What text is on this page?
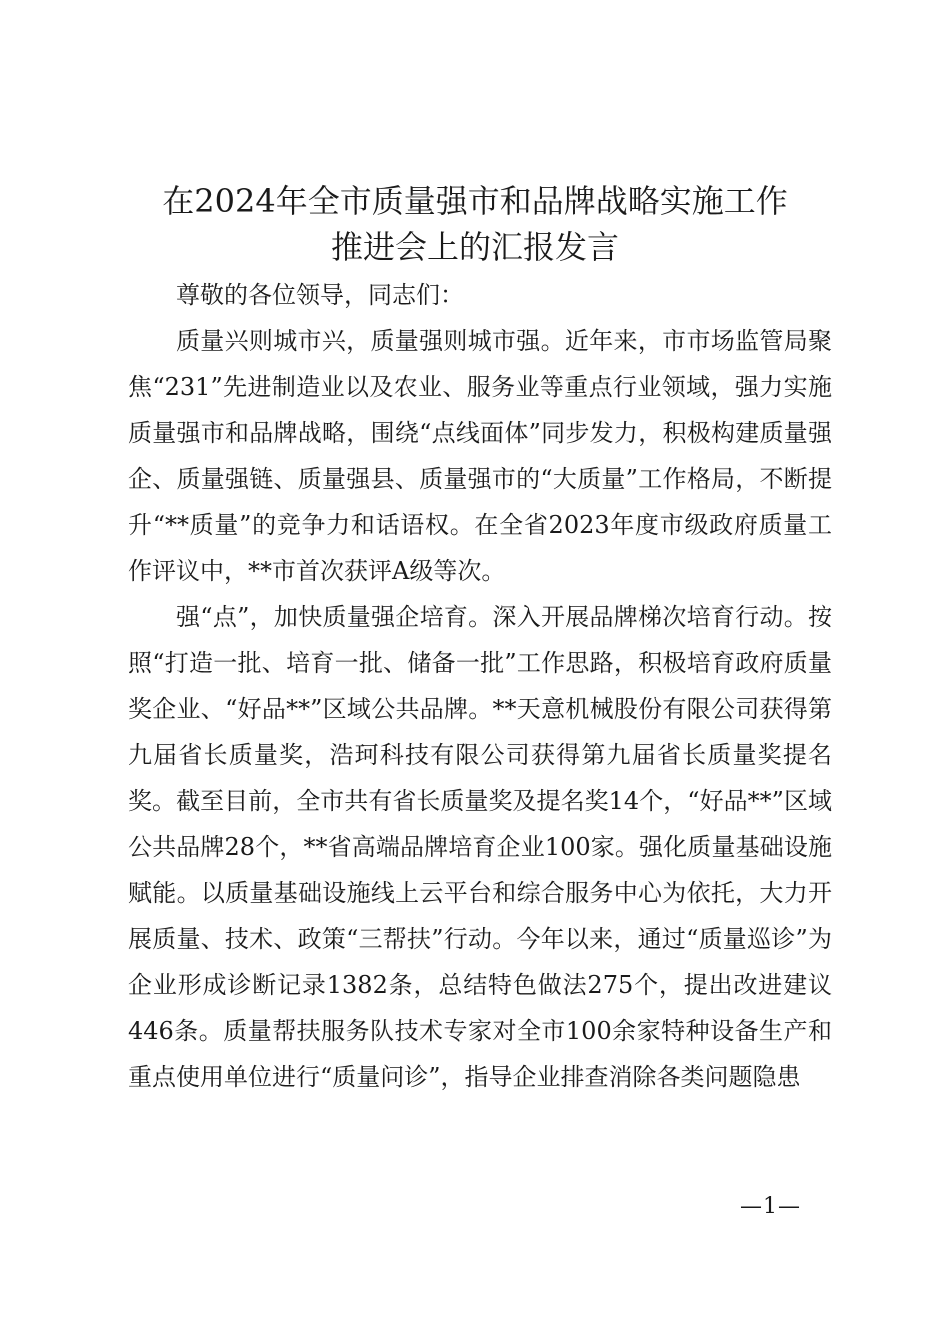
在2024年全市质量强市和品牌战略实施工作
推进会上的汇报发言

尊敬的各位领导，同志们：

质量兴则城市兴，质量强则城市强。近年来，市市场监管局聚焦“231”先进制造业以及农业、服务业等重点行业领域，强力实施质量强市和品牌战略，围绕“点线面体”同步发力，积极构建质量强企、质量强链、质量强县、质量强市的“大质量”工作格局，不断提升“**质量”的竞争力和话语权。在全省2023年度市级政府质量工作评议中，**市首次获评A级等次。

强“点”，加快质量强企培育。深入开展品牌梯次培育行动。按照“打造一批、培育一批、储备一批”工作思路，积极培育政府质量奖企业、“好品**”区域公共品牌。**天意机械股份有限公司获得第九届省长质量奖，浩珂科技有限公司获得第九届省长质量奖提名奖。截至目前，全市共有省长质量奖及提名奖14个，“好品**”区域公共品牌28个，**省高端品牌培育企业100家。强化质量基础设施赋能。以质量基础设施线上云平台和综合服务中心为依托，大力开展质量、技术、政策“三帮扶”行动。今年以来，通过“质量巡诊”为企业形成诊断记录1382条，总结特色做法275个，提出改进建议446条。质量帮扶服务队技术专家对全市100余家特种设备生产和重点使用单位进行“质量问诊”，指导企业排查消除各类问题隐患

—1—
